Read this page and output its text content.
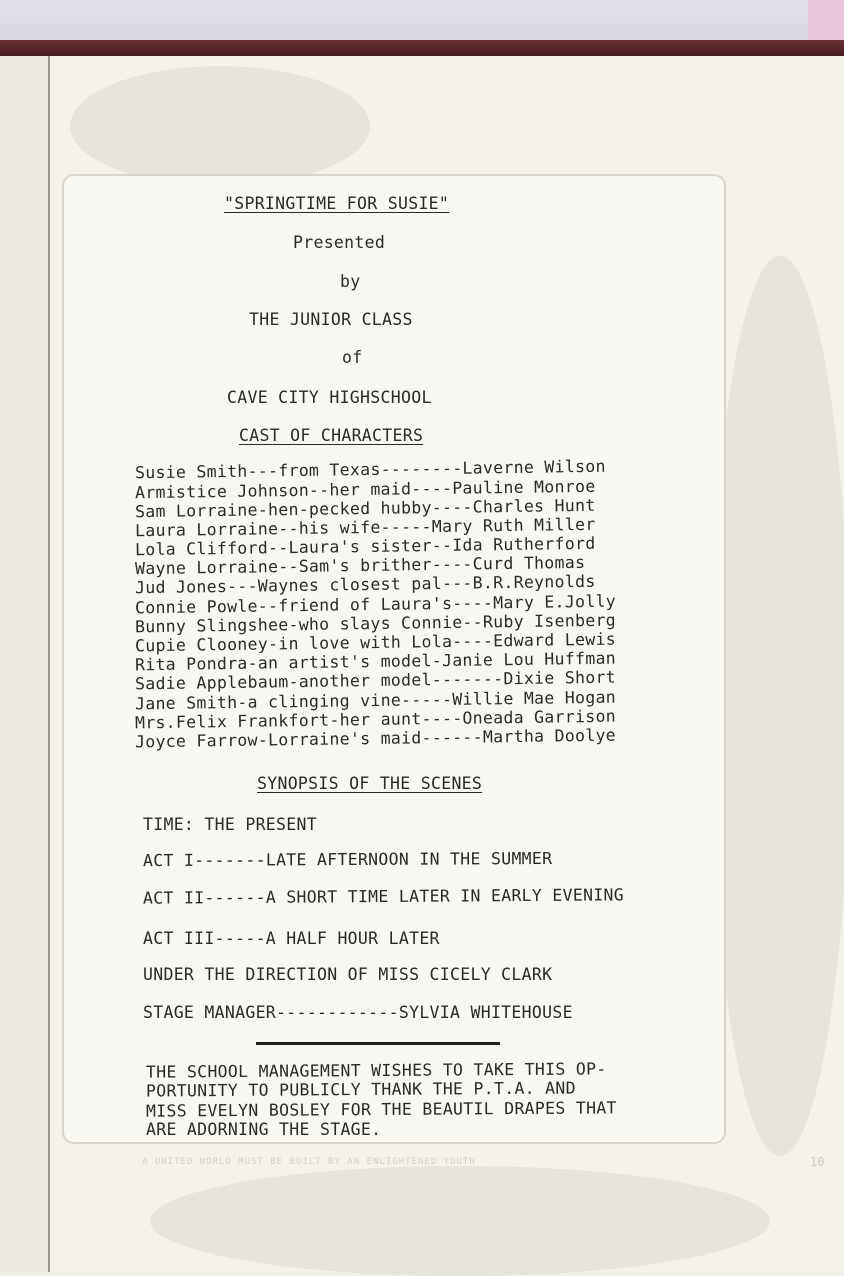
"SPRINGTIME FOR SUSIE"
Presented
by
THE JUNIOR CLASS
of
CAVE CITY HIGHSCHOOL
CAST OF CHARACTERS
Susie Smith---from Texas--------Laverne Wilson
Armistice Johnson--her maid----Pauline Monroe
Sam Lorraine-hen-pecked hubby----Charles Hunt
Laura Lorraine--his wife-----Mary Ruth Miller
Lola Clifford--Laura's sister--Ida Rutherford
Wayne Lorraine--Sam's brither----Curd Thomas
Jud Jones---Waynes closest pal---B.R.Reynolds
Connie Powle--friend of Laura's----Mary E.Jolly
Bunny Slingshee-who slays Connie--Ruby Isenberg
Cupie Clooney-in love with Lola----Edward Lewis
Rita Pondra-an artist's model-Janie Lou Huffman
Sadie Applebaum-another model-------Dixie Short
Jane Smith-a clinging vine-----Willie Mae Hogan
Mrs.Felix Frankfort-her aunt----Oneada Garrison
Joyce Farrow-Lorraine's maid------Martha Doolye
SYNOPSIS OF THE SCENES
TIME: THE PRESENT
ACT I-------LATE AFTERNOON IN THE SUMMER
ACT II------A SHORT TIME LATER IN EARLY EVENING
ACT III-----A HALF HOUR LATER
UNDER THE DIRECTION OF MISS CICELY CLARK
STAGE MANAGER------------SYLVIA WHITEHOUSE
THE SCHOOL MANAGEMENT WISHES TO TAKE THIS OP-
PORTUNITY TO PUBLICLY THANK THE P.T.A. AND
MISS EVELYN BOSLEY FOR THE BEAUTIL DRAPES THAT
ARE ADORNING THE STAGE.
A UNITED WORLD MUST BE BUILT BY AN ENLIGHTENED YOUTH	10
